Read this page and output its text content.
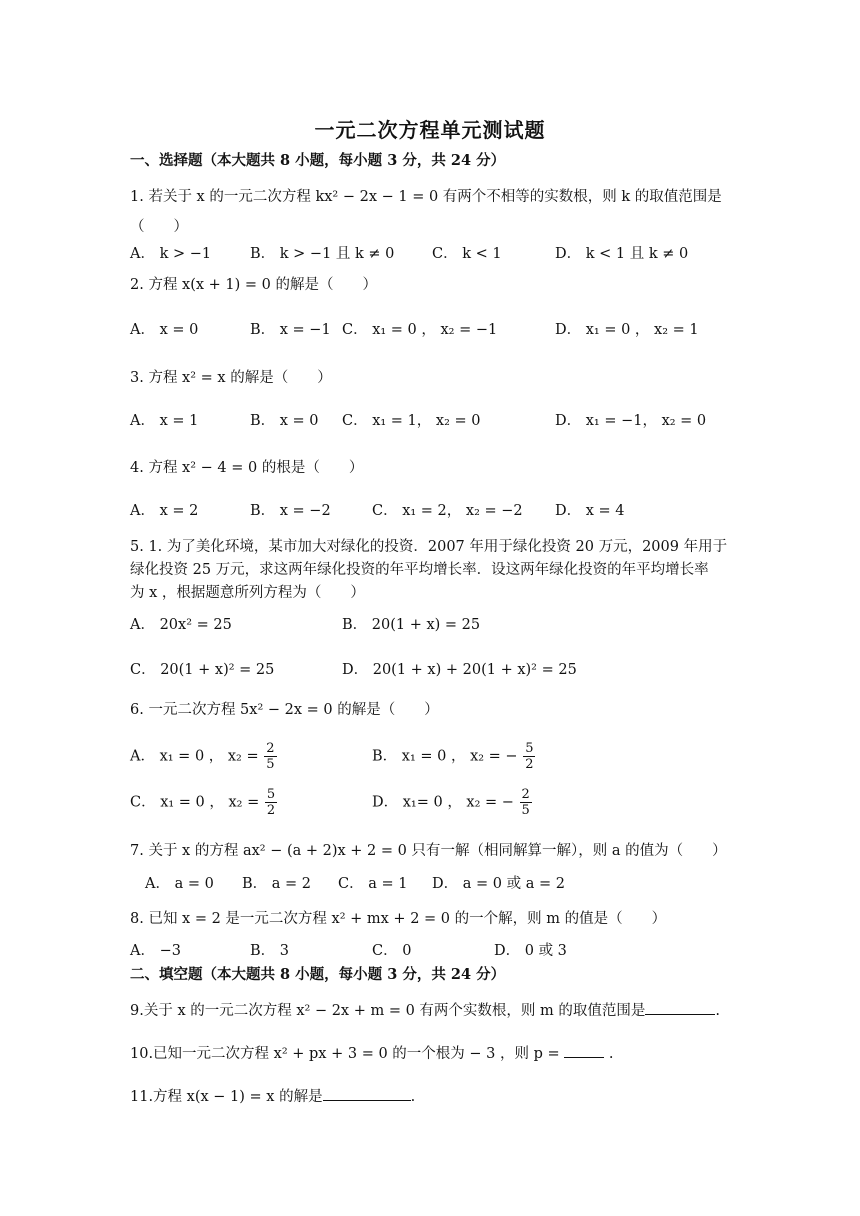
一元二次方程单元测试题
一、选择题（本大题共 8 小题，每小题 3 分，共 24 分）
1. 若关于 x 的一元二次方程 kx² − 2x − 1 = 0 有两个不相等的实数根，则 k 的取值范围是
（　　）
A． k > −1	B． k > −1 且 k ≠ 0	C． k < 1	D． k < 1 且 k ≠ 0
2. 方程 x(x + 1) = 0 的解是（　　）
A． x = 0	B． x = −1 C． x₁ = 0 ， x₂ = −1	D． x₁ = 0 ， x₂ = 1
3. 方程 x² = x 的解是（　　）
A． x = 1	B． x = 0 C． x₁ = 1， x₂ = 0	D． x₁ = −1， x₂ = 0
4. 方程 x² − 4 = 0 的根是（　　）
A． x = 2	B． x = −2	C． x₁ = 2， x₂ = −2 D． x = 4
5. 1. 为了美化环境，某市加大对绿化的投资．2007 年用于绿化投资 20 万元，2009 年用于
绿化投资 25 万元，求这两年绿化投资的年平均增长率．设这两年绿化投资的年平均增长率
为 x ，根据题意所列方程为（　　）
A． 20x² = 25	B． 20(1 + x) = 25
C． 20(1 + x)² = 25	D． 20(1 + x) + 20(1 + x)² = 25
6. 一元二次方程 5x² − 2x = 0 的解是（　　）
A． x₁ = 0 ， $x_2 = \frac{2}{5}$	B． x₁ = 0 ， x₂ = − $\frac{5}{2}$
C． x₁ = 0 ， $x_2 = \frac{5}{2}$	D． x₁= 0 ， x₂ = − $\frac{2}{5}$
7. 关于 x 的方程 ax² − (a + 2)x + 2 = 0 只有一解（相同解算一解），则 a 的值为（　　）
A． a = 0 B． a = 2 C． a = 1 D． a = 0 或 a = 2
8. 已知 x = 2 是一元二次方程 x² + mx + 2 = 0 的一个解，则 m 的值是（　　）
A． −3	B． 3	C． 0	D． 0 或 3
二、填空题（本大题共 8 小题，每小题 3 分，共 24 分）
9.关于 x 的一元二次方程 x² − 2x + m = 0 有两个实数根，则 m 的取值范围是	.
10.已知一元二次方程 x² + px + 3 = 0 的一个根为 − 3 ，则 p =	.
11.方程 x(x − 1) = x 的解是	.
